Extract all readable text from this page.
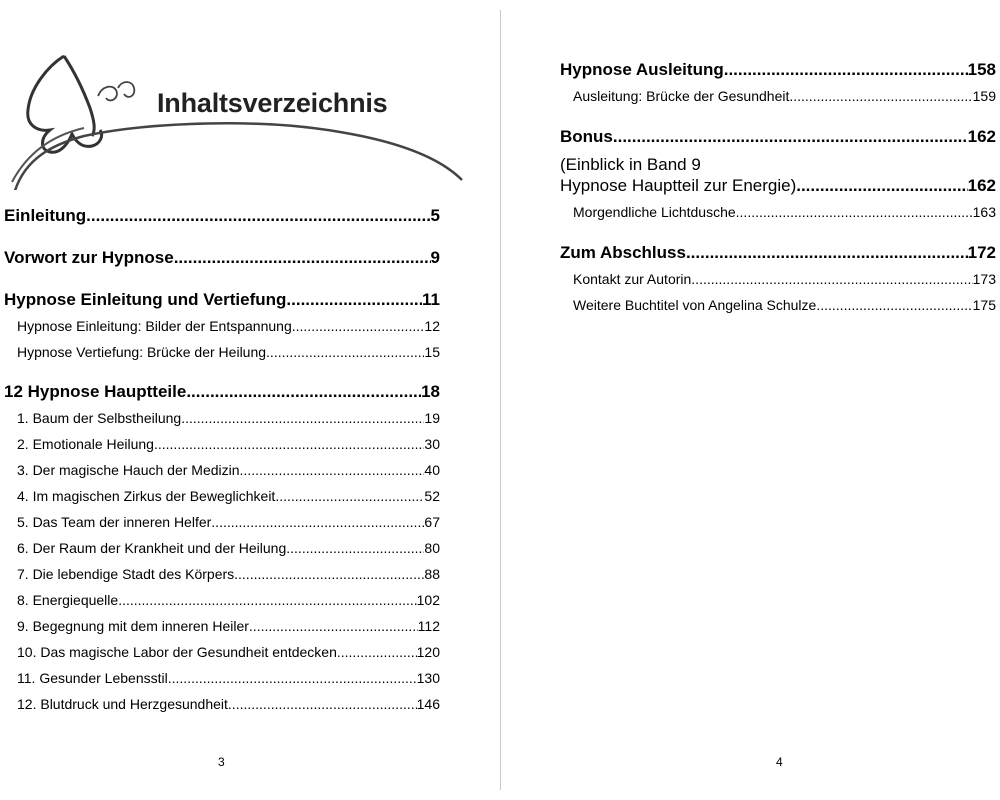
Inhaltsverzeichnis
Einleitung .....	5
Vorwort zur Hypnose .....	9
Hypnose Einleitung und Vertiefung .....	11
Hypnose Einleitung: Bilder der Entspannung .....	12
Hypnose Vertiefung: Brücke der Heilung .....	15
12 Hypnose Hauptteile .....	18
1. Baum der Selbstheilung .....	19
2. Emotionale Heilung .....	30
3. Der magische Hauch der Medizin .....	40
4. Im magischen Zirkus der Beweglichkeit .....	52
5. Das Team der inneren Helfer .....	67
6. Der Raum der Krankheit und der Heilung .....	80
7. Die lebendige Stadt des Körpers .....	88
8. Energiequelle .....	102
9. Begegnung mit dem inneren Heiler .....	112
10. Das magische Labor der Gesundheit entdecken .....	120
11. Gesunder Lebensstil .....	130
12. Blutdruck und Herzgesundheit .....	146
3
Hypnose Ausleitung .....	158
Ausleitung: Brücke der Gesundheit .....	159
Bonus .....	162
(Einblick in Band 9
Hypnose Hauptteil zur Energie) .....	162
Morgendliche Lichtdusche .....	163
Zum Abschluss .....	172
Kontakt zur Autorin .....	173
Weitere Buchtitel von Angelina Schulze .....	175
4
